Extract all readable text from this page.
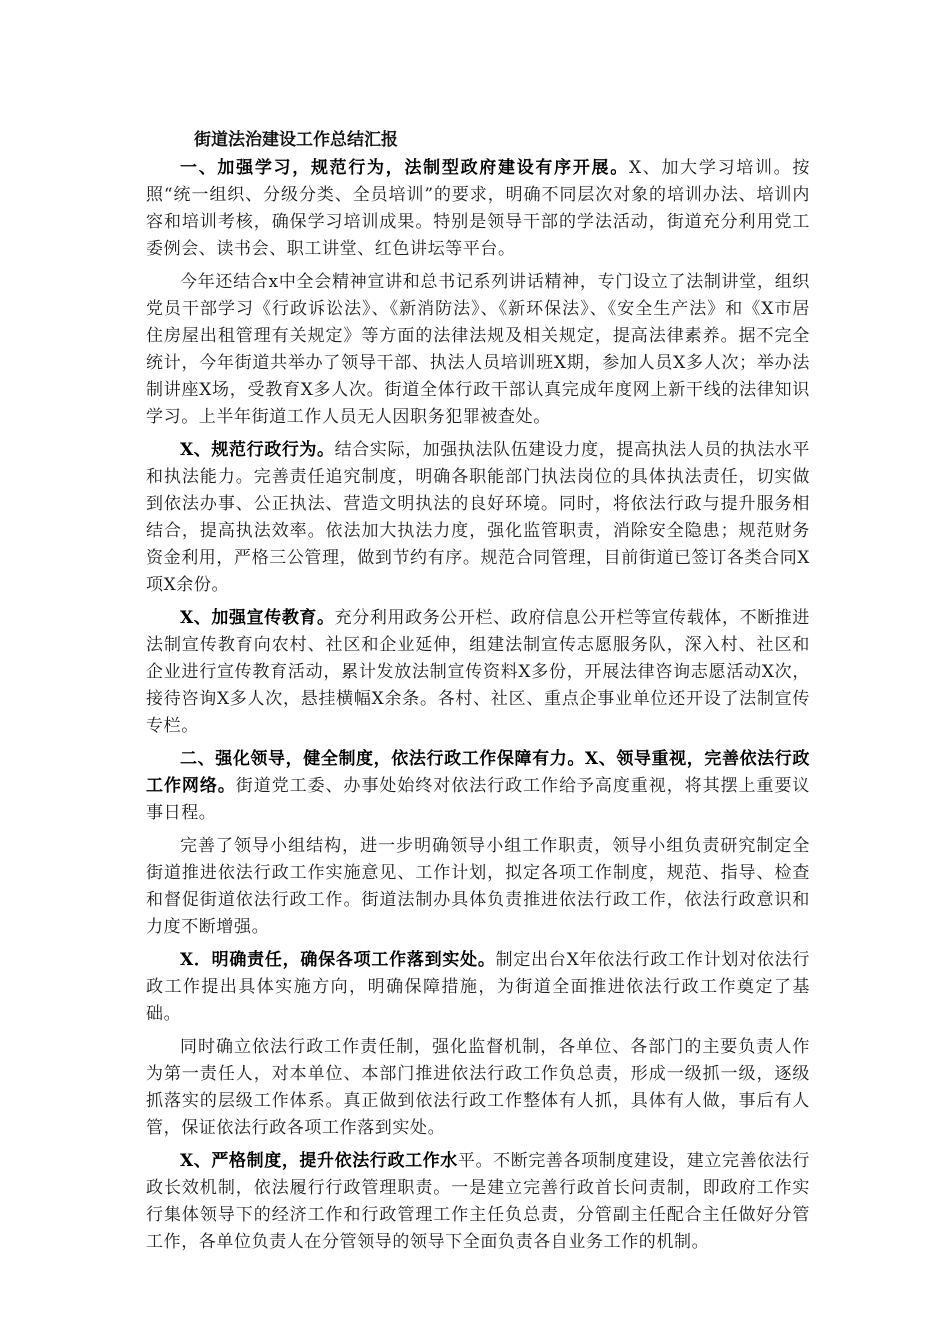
街道法治建设工作总结汇报

一、加强学习，规范行为，法制型政府建设有序开展。X、加大学习培训。按照“统一组织、分级分类、全员培训”的要求，明确不同层次对象的培训办法、培训内容和培训考核，确保学习培训成果。特别是领导干部的学法活动，街道充分利用党工委例会、读书会、职工讲堂、红色讲坛等平台。

今年还结合x中全会精神宣讲和总书记系列讲话精神，专门设立了法制讲堂，组织党员干部学习《行政诉讼法》、《新消防法》、《新环保法》、《安全生产法》和《X市居住房屋出租管理有关规定》等方面的法律法规及相关规定，提高法律素养。据不完全统计，今年街道共举办了领导干部、执法人员培训班X期，参加人员X多人次；举办法制讲座X场，受教育X多人次。街道全体行政干部认真完成年度网上新干线的法律知识学习。上半年街道工作人员无人因职务犯罪被查处。

X、规范行政行为。结合实际，加强执法队伍建设力度，提高执法人员的执法水平和执法能力。完善责任追究制度，明确各职能部门执法岗位的具体执法责任，切实做到依法办事、公正执法、营造文明执法的良好环境。同时，将依法行政与提升服务相结合，提高执法效率。依法加大执法力度，强化监管职责，消除安全隐患；规范财务资金利用，严格三公管理，做到节约有序。规范合同管理，目前街道已签订各类合同X项X余份。

X、加强宣传教育。充分利用政务公开栏、政府信息公开栏等宣传载体，不断推进法制宣传教育向农村、社区和企业延伸，组建法制宣传志愿服务队，深入村、社区和企业进行宣传教育活动，累计发放法制宣传资料X多份，开展法律咨询志愿活动X次，接待咨询X多人次，悬挂横幅X余条。各村、社区、重点企事业单位还开设了法制宣传专栏。

二、强化领导，健全制度，依法行政工作保障有力。X、领导重视，完善依法行政工作网络。街道党工委、办事处始终对依法行政工作给予高度重视，将其摆上重要议事日程。

完善了领导小组结构，进一步明确领导小组工作职责，领导小组负责研究制定全街道推进依法行政工作实施意见、工作计划，拟定各项工作制度，规范、指导、检查和督促街道依法行政工作。街道法制办具体负责推进依法行政工作，依法行政意识和力度不断增强。

X．明确责任，确保各项工作落到实处。制定出台X年依法行政工作计划对依法行政工作提出具体实施方向，明确保障措施，为街道全面推进依法行政工作奠定了基础。

同时确立依法行政工作责任制，强化监督机制，各单位、各部门的主要负责人作为第一责任人，对本单位、本部门推进依法行政工作负总责，形成一级抓一级，逐级抓落实的层级工作体系。真正做到依法行政工作整体有人抓，具体有人做，事后有人管，保证依法行政各项工作落到实处。

X、严格制度，提升依法行政工作水平。不断完善各项制度建设，建立完善依法行政长效机制，依法履行行政管理职责。一是建立完善行政首长问责制，即政府工作实行集体领导下的经济工作和行政管理工作主任负总责，分管副主任配合主任做好分管工作，各单位负责人在分管领导的领导下全面负责各自业务工作的机制。
